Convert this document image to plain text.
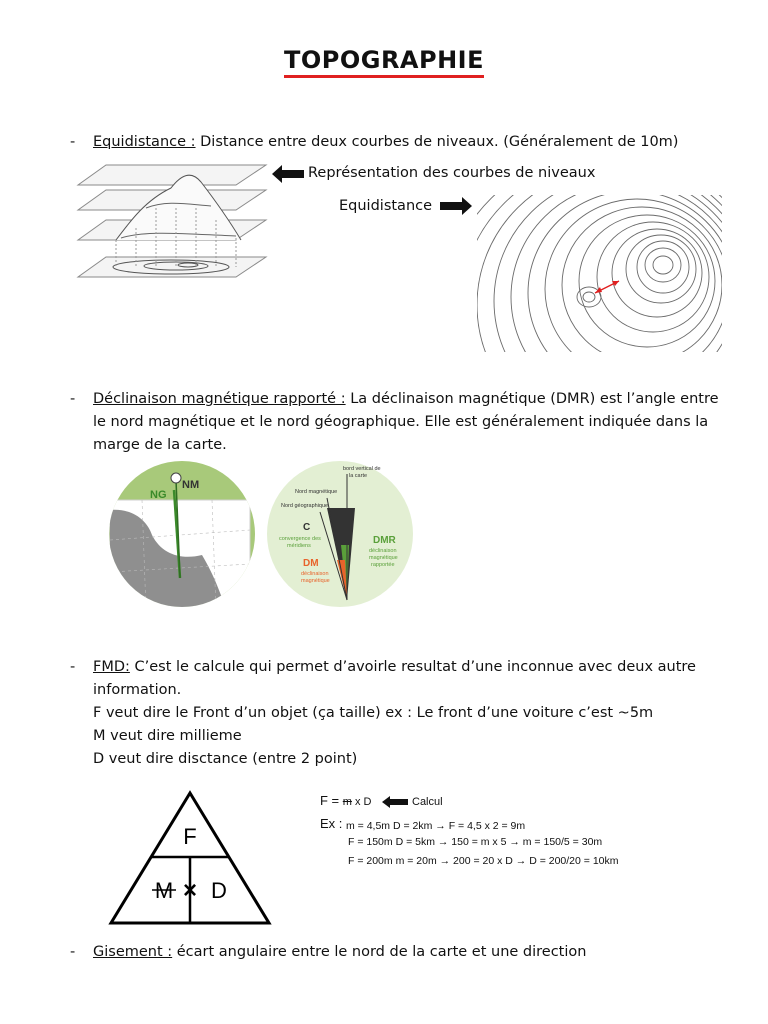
TOPOGRAPHIE
- Equidistance : Distance entre deux courbes de niveaux. (Généralement de 10m)
Représentation des courbes de niveaux
Equidistance
- Déclinaison magnétique rapporté : La déclinaison magnétique (DMR) est l’angle entre
le nord magnétique et le nord géographique. Elle est généralement indiquée dans la
marge de la carte.
NG
NM
bord vertical de
la carte
Nord magnétique
Nord géographique
C
convergence des
méridiens	DMR
déclinaison
magnétique
rapportée
DM
déclinaison
magnétique
- FMD: C’est le calcule qui permet d’avoirle resultat d’une inconnue avec deux autre
information.
F veut dire le Front d’un objet (ça taille) ex : Le front d’une voiture c’est ~5m
M veut dire millieme
D veut dire disctance (entre 2 point)
F
M × D
F = m x D	Calcul
Ex : m = 4,5m D = 2km → F = 4,5 x 2 = 9m
F = 150m D = 5km → 150 = m x 5 → m = 150/5 = 30m
F = 200m m = 20m → 200 = 20 x D → D = 200/20 = 10km
- Gisement : écart angulaire entre le nord de la carte et une direction
